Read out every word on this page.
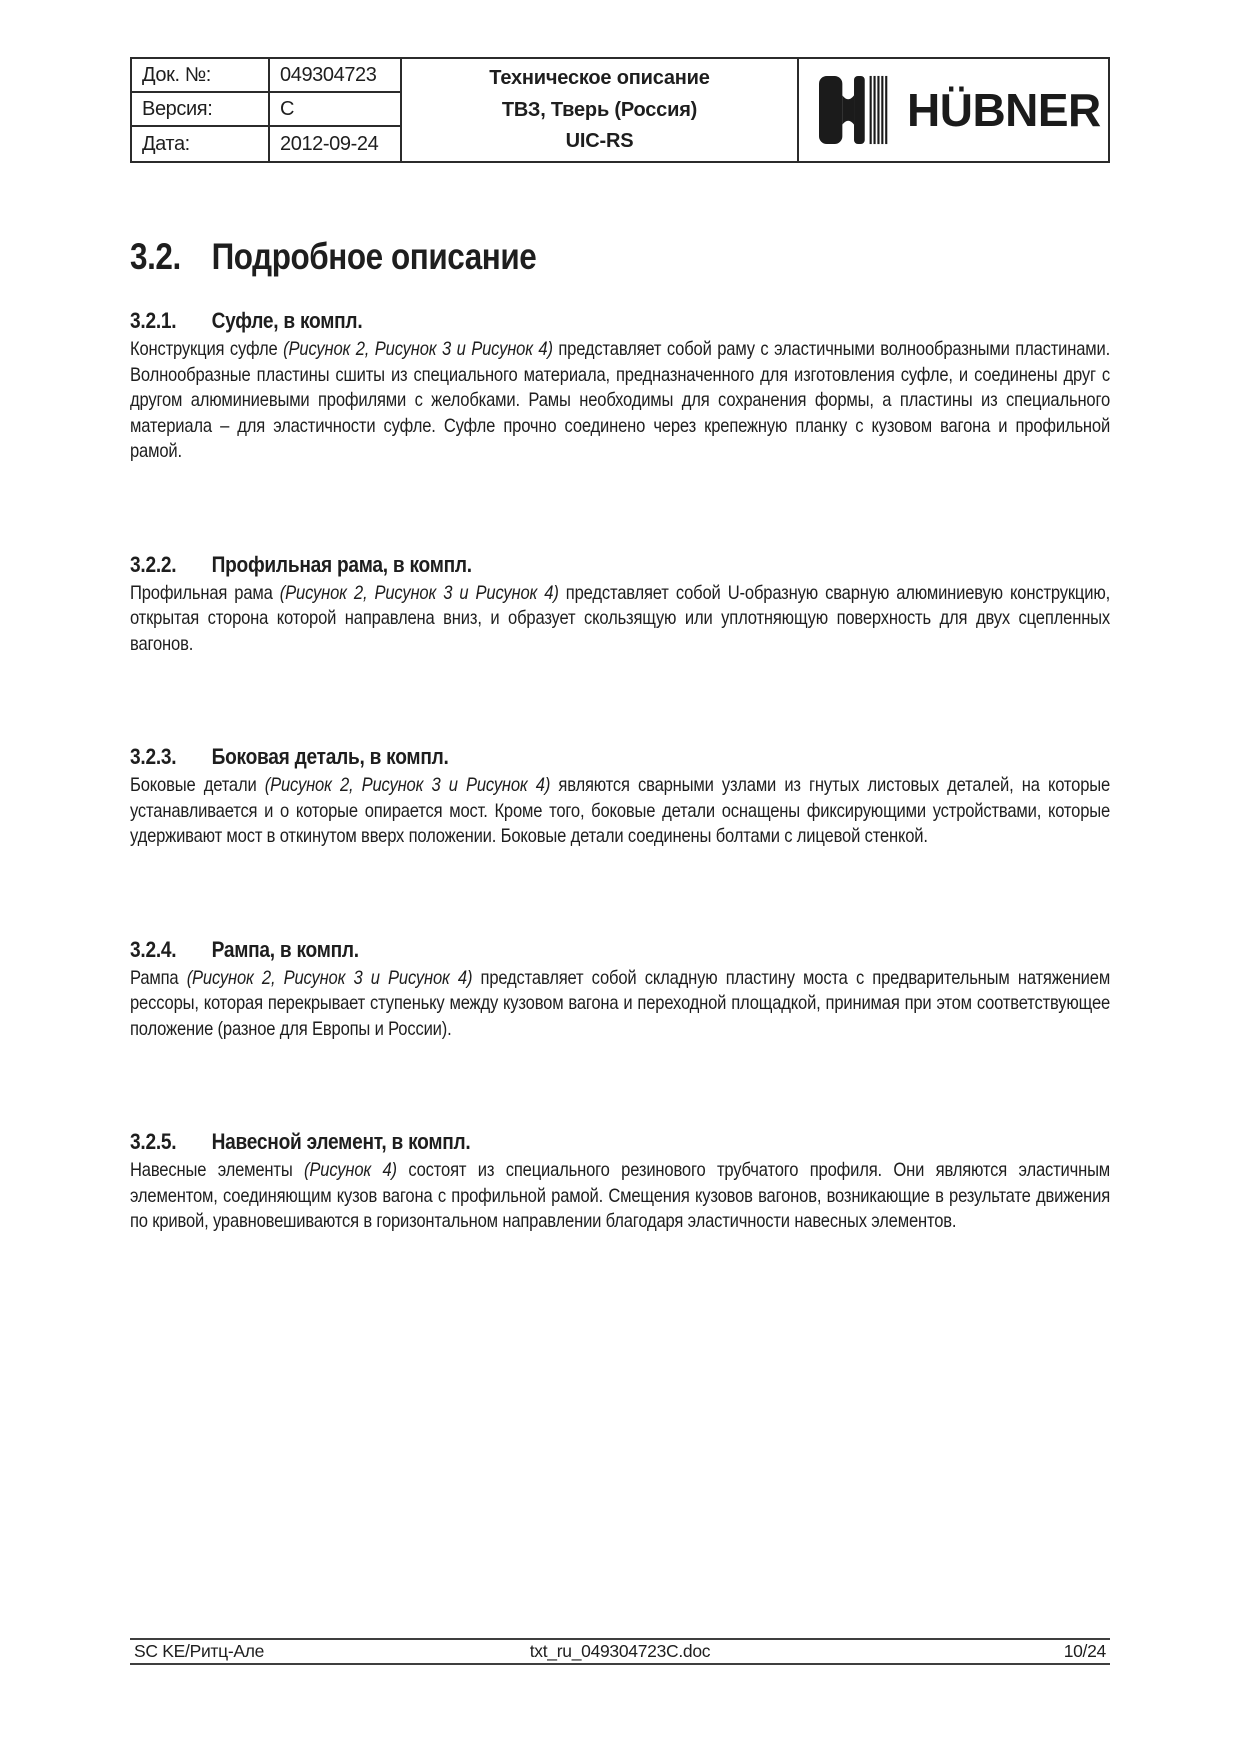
Док. №:	049304723	Техническое описание
ТВЗ, Тверь (Россия)
UIC-RS
HÜBNER
Версия:	C
Дата:	2012-09-24
3.2. Подробное описание
3.2.1. Суфле, в компл.

Конструкция суфле (Рисунок 2, Рисунок 3 и Рисунок 4) представляет собой раму с эластичными волнообразными пластинами. Волнообразные пластины сшиты из специального материала, предназначенного для изготовления суфле, и соединены друг с другом алюминиевыми профилями с желобками. Рамы необходимы для сохранения формы, а пластины из специального материала – для эластичности суфле. Суфле прочно соединено через крепежную планку с кузовом вагона и профильной рамой.

3.2.2. Профильная рама, в компл.

Профильная рама (Рисунок 2, Рисунок 3 и Рисунок 4) представляет собой U-образную сварную алюминиевую конструкцию, открытая сторона которой направлена вниз, и образует скользящую или уплотняющую поверхность для двух сцепленных вагонов.

3.2.3. Боковая деталь, в компл.

Боковые детали (Рисунок 2, Рисунок 3 и Рисунок 4) являются сварными узлами из гнутых листовых деталей, на которые устанавливается и о которые опирается мост. Кроме того, боковые детали оснащены фиксирующими устройствами, которые удерживают мост в откинутом вверх положении. Боковые детали соединены болтами с лицевой стенкой.

3.2.4. Рампа, в компл.

Рампа (Рисунок 2, Рисунок 3 и Рисунок 4) представляет собой складную пластину моста с предварительным натяжением рессоры, которая перекрывает ступеньку между кузовом вагона и переходной площадкой, принимая при этом соответствующее положение (разное для Европы и России).

3.2.5. Навесной элемент, в компл.

Навесные элементы (Рисунок 4) состоят из специального резинового трубчатого профиля. Они являются эластичным элементом, соединяющим кузов вагона с профильной рамой. Смещения кузовов вагонов, возникающие в результате движения по кривой, уравновешиваются в горизонтальном направлении благодаря эластичности навесных элементов.

SC KE/Ритц-Але	txt_ru_049304723C.doc	10/24
